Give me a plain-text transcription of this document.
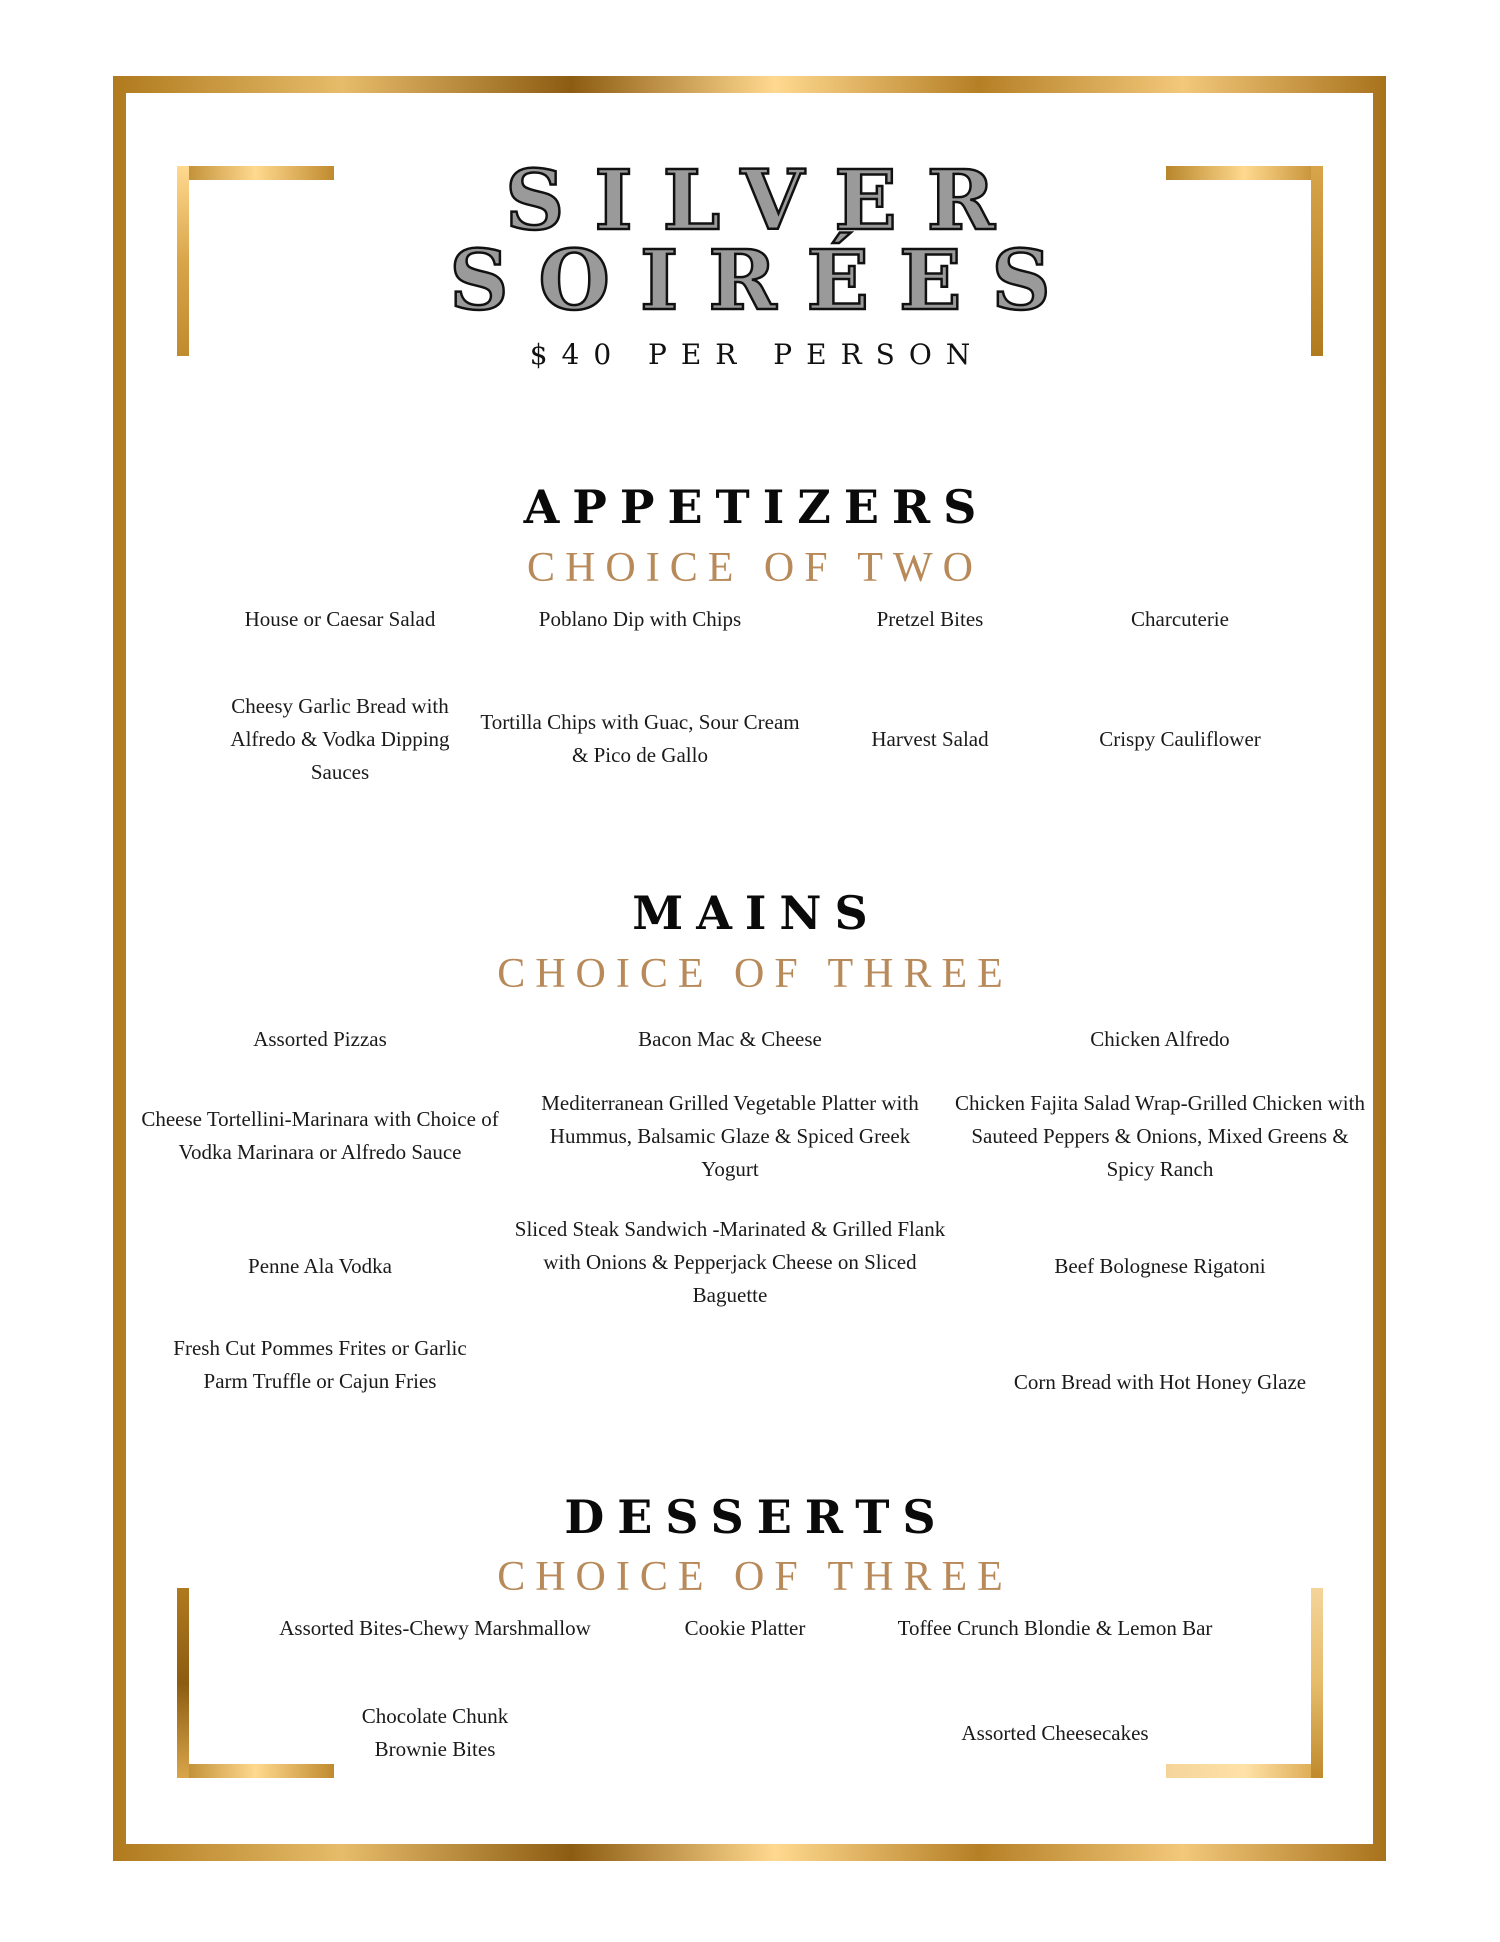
SILVER
SOIRÉES
$40 PER PERSON
APPETIZERS
CHOICE OF TWO
House or Caesar Salad	Poblano Dip with Chips	Pretzel Bites	Charcuterie
Cheesy Garlic Bread with Alfredo & Vodka Dipping Sauces
Tortilla Chips with Guac, Sour Cream & Pico de Gallo
Harvest Salad	Crispy Cauliflower
MAINS
CHOICE OF THREE
Assorted Pizzas	Bacon Mac & Cheese	Chicken Alfredo
Cheese Tortellini-Marinara with Choice of Vodka Marinara or Alfredo Sauce
Mediterranean Grilled Vegetable Platter with Hummus, Balsamic Glaze & Spiced Greek Yogurt
Chicken Fajita Salad Wrap-Grilled Chicken with Sauteed Peppers & Onions, Mixed Greens & Spicy Ranch
Penne Ala Vodka
Sliced Steak Sandwich -Marinated & Grilled Flank with Onions & Pepperjack Cheese on Sliced Baguette
Beef Bolognese Rigatoni
Fresh Cut Pommes Frites or Garlic Parm Truffle or Cajun Fries	Corn Bread with Hot Honey Glaze
DESSERTS
CHOICE OF THREE
Assorted Bites-Chewy Marshmallow	Cookie Platter	Toffee Crunch Blondie & Lemon Bar
Chocolate Chunk Brownie Bites
Assorted Cheesecakes
